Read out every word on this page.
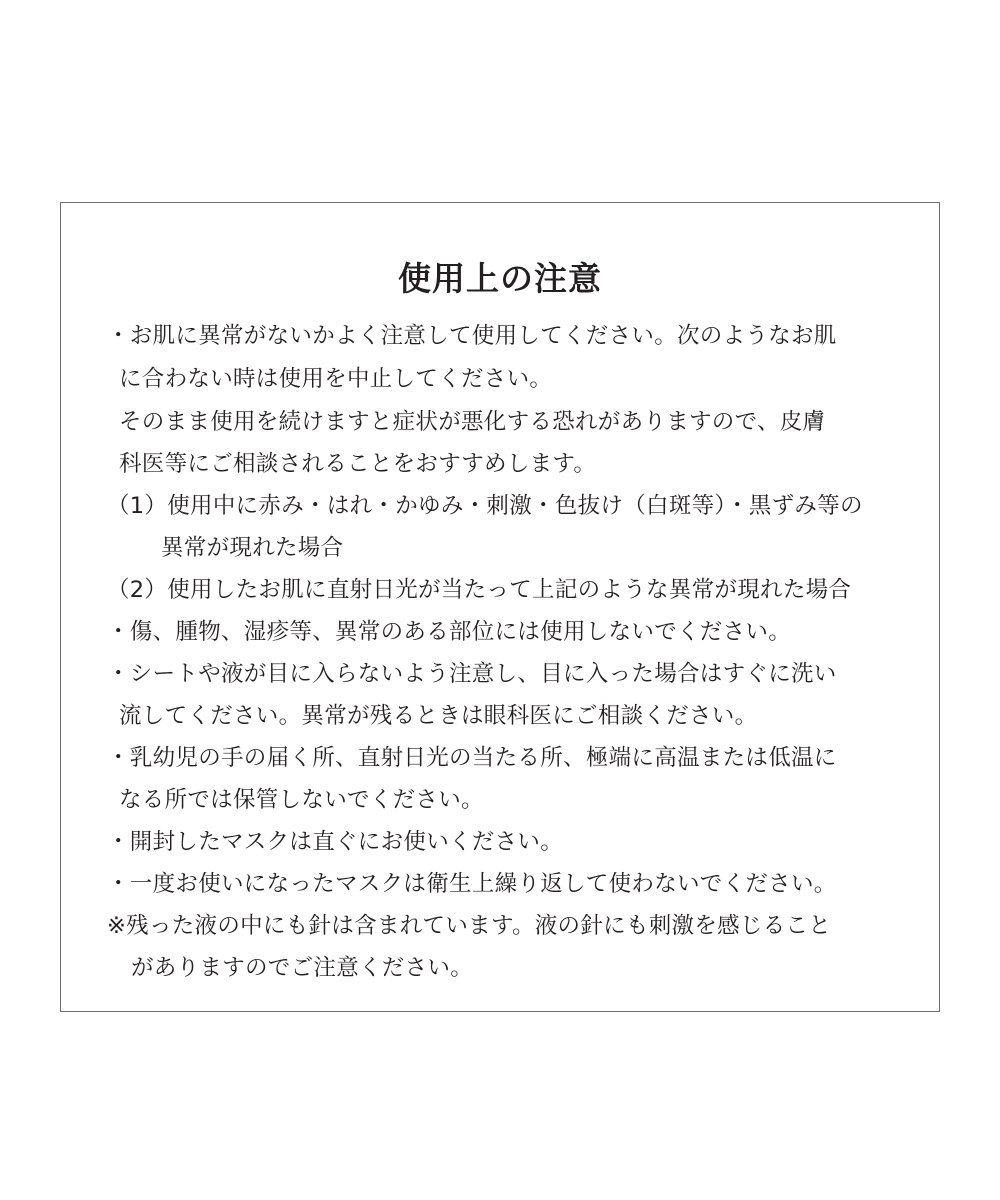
使用上の注意
・お肌に異常がないかよく注意して使用してください。次のようなお肌
に合わない時は使用を中止してください。
そのまま使用を続けますと症状が悪化する恐れがありますので、皮膚
科医等にご相談されることをおすすめします。
（1）使用中に赤み・はれ・かゆみ・刺激・色抜け（白斑等）・黒ずみ等の
異常が現れた場合
（2）使用したお肌に直射日光が当たって上記のような異常が現れた場合
・傷、腫物、湿疹等、異常のある部位には使用しないでください。
・シートや液が目に入らないよう注意し、目に入った場合はすぐに洗い
流してください。異常が残るときは眼科医にご相談ください。
・乳幼児の手の届く所、直射日光の当たる所、極端に高温または低温に
なる所では保管しないでください。
・開封したマスクは直ぐにお使いください。
・一度お使いになったマスクは衛生上繰り返して使わないでください。
※残った液の中にも針は含まれています。液の針にも刺激を感じること
がありますのでご注意ください。
